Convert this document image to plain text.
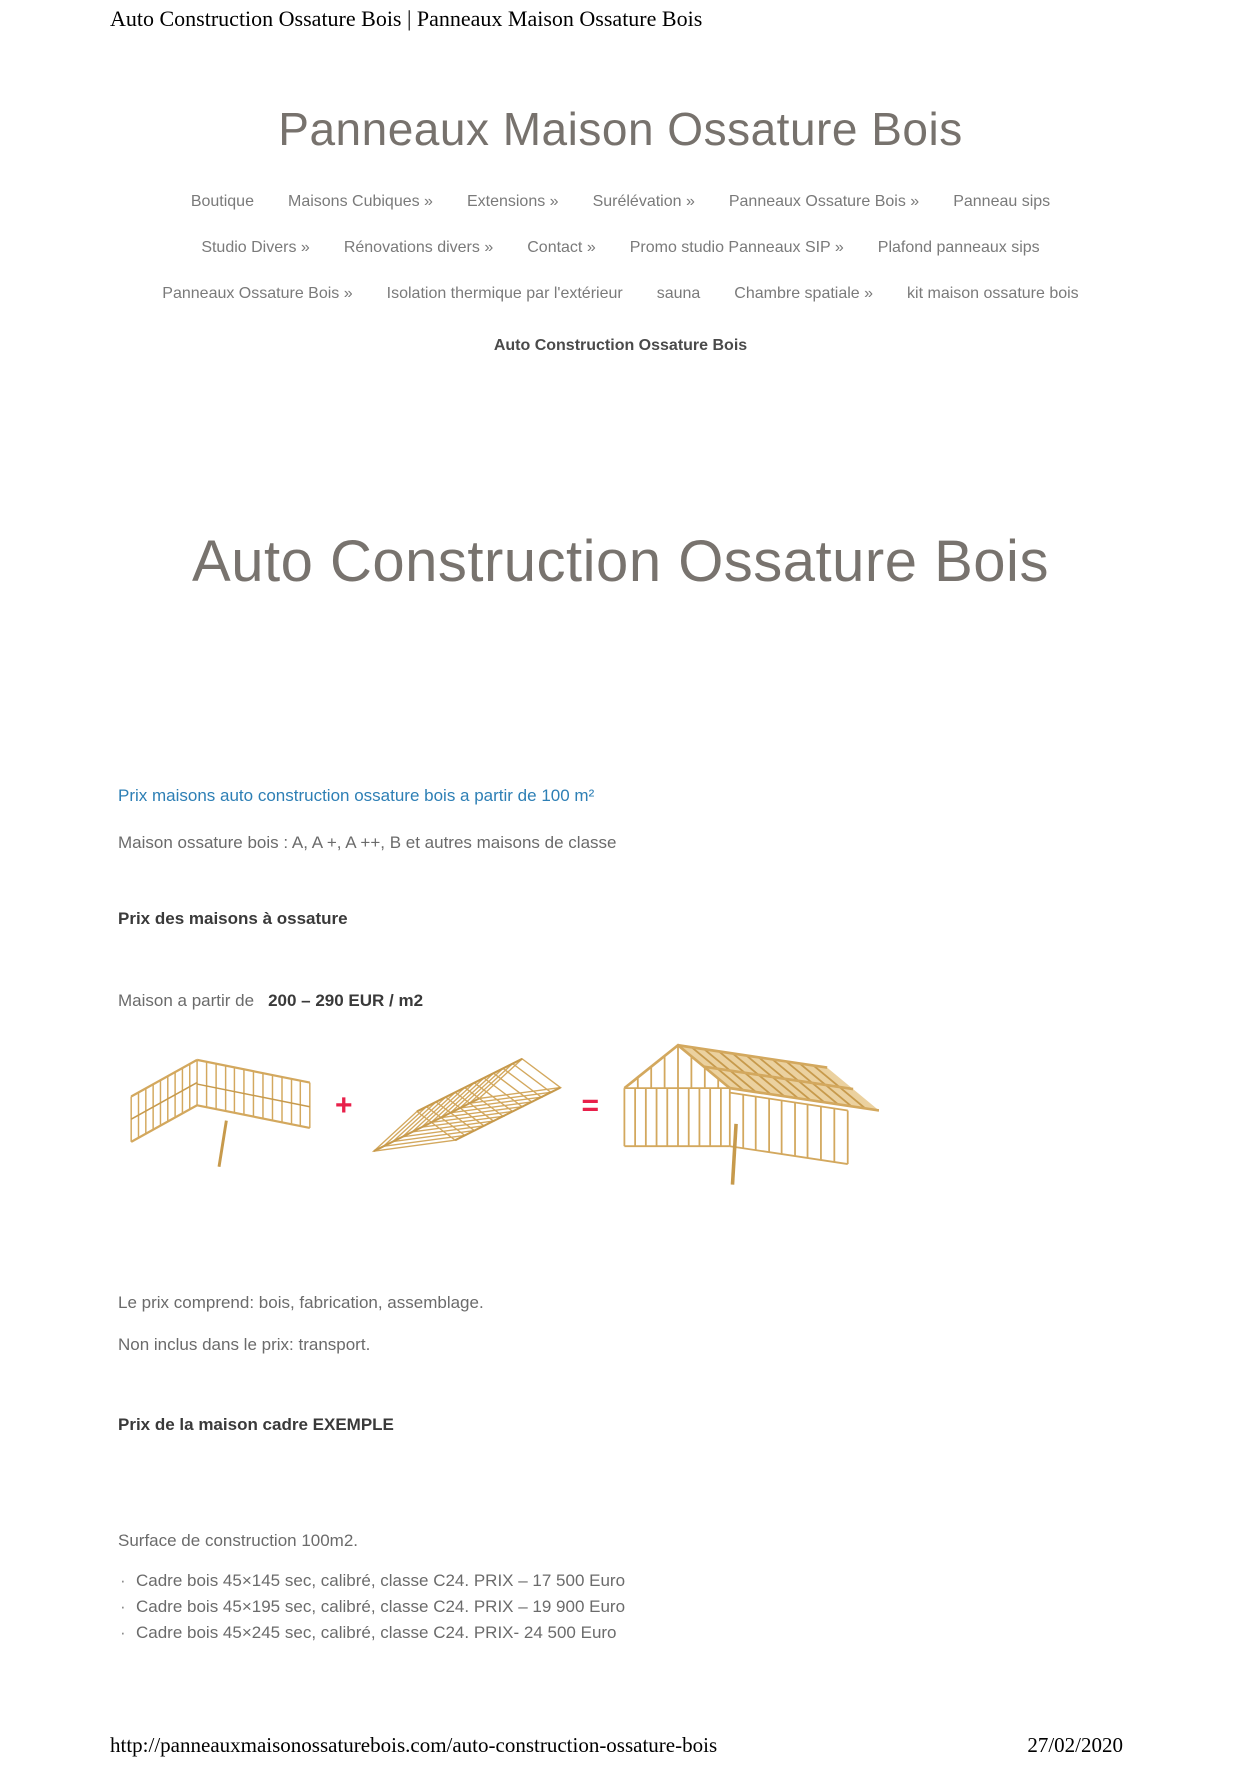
Auto Construction Ossature Bois | Panneaux Maison Ossature Bois
Panneaux Maison Ossature Bois
Boutique Maisons Cubiques » Extensions » Surélévation » Panneaux Ossature Bois » Panneau sips
Studio Divers » Rénovations divers » Contact » Promo studio Panneaux SIP » Plafond panneaux sips
Panneaux Ossature Bois » Isolation thermique par l'extérieur sauna Chambre spatiale » kit maison ossature bois
Auto Construction Ossature Bois
Auto Construction Ossature Bois
Prix maisons auto construction ossature bois a partir de 100 m²

Maison ossature bois : A, A +, A ++, B et autres maisons de classe

Prix des maisons à ossature

Maison a partir de 200 – 290 EUR / m2

+	=

Le prix comprend: bois, fabrication, assemblage.

Non inclus dans le prix: transport.

Prix de la maison cadre EXEMPLE

Surface de construction 100m2.

· Cadre bois 45×145 sec, calibré, classe C24. PRIX – 17 500 Euro
· Cadre bois 45×195 sec, calibré, classe C24. PRIX – 19 900 Euro
· Cadre bois 45×245 sec, calibré, classe C24. PRIX- 24 500 Euro
http://panneauxmaisonossaturebois.com/auto-construction-ossature-bois	27/02/2020
